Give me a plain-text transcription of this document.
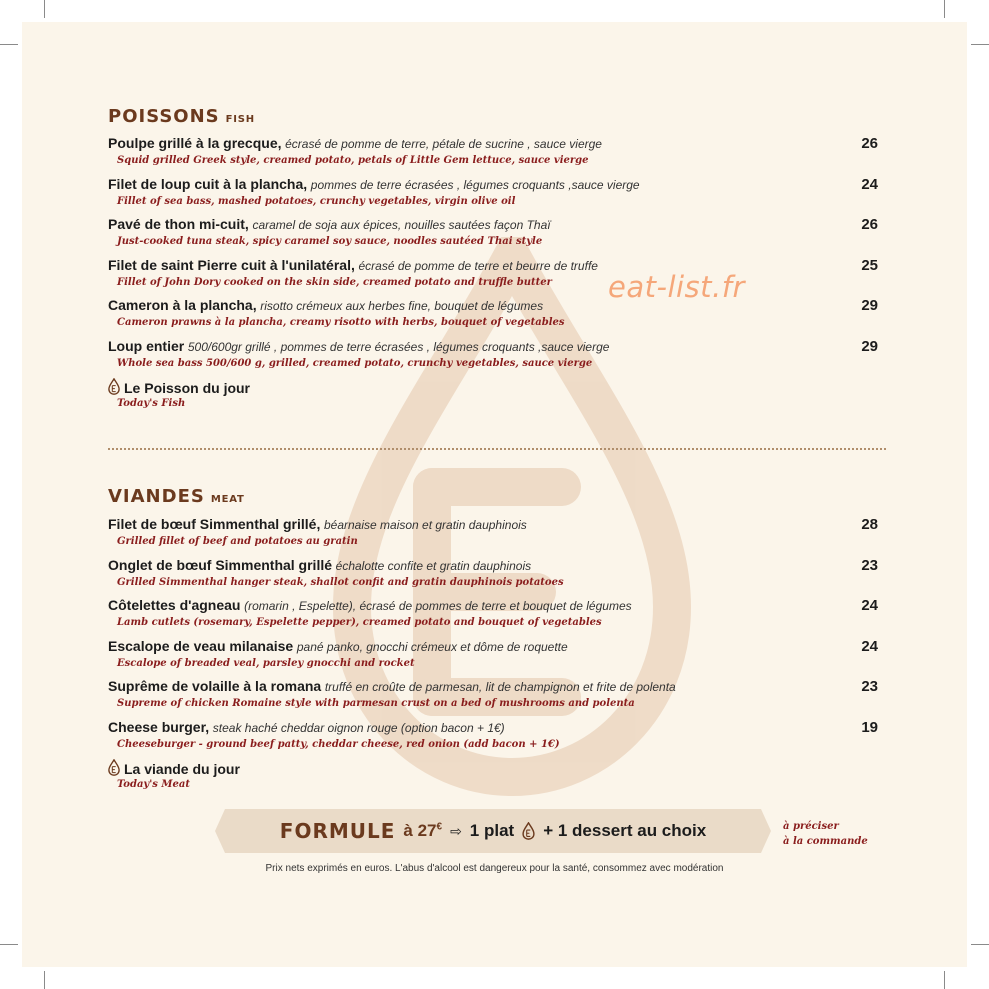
eat-list.fr
POISSONS FISH
Poulpe grillé à la grecque, écrasé de pomme de terre, pétale de sucrine , sauce vierge
Squid grilled Greek style, creamed potato, petals of Little Gem lettuce, sauce vierge
26
Filet de loup cuit à la plancha, pommes de terre écrasées , légumes croquants ,sauce vierge
Fillet of sea bass, mashed potatoes, crunchy vegetables, virgin olive oil
24
Pavé de thon mi-cuit, caramel de soja aux épices, nouilles sautées façon Thaï
Just-cooked tuna steak, spicy caramel soy sauce, noodles sautéed Thai style
26
Filet de saint Pierre cuit à l'unilatéral, écrasé de pomme de terre et beurre de truffe
Fillet of John Dory cooked on the skin side, creamed potato and truffle butter
25
Cameron à la plancha, risotto crémeux aux herbes fine, bouquet de légumes
Cameron prawns à la plancha, creamy risotto with herbs, bouquet of vegetables
29
Loup entier 500/600gr grillé , pommes de terre écrasées , légumes croquants ,sauce vierge
Whole sea bass 500/600 g, grilled, creamed potato, crunchy vegetables, sauce vierge
29
Le Poisson du jour
Today's Fish
VIANDES MEAT
Filet de bœuf Simmenthal grillé, béarnaise maison et gratin dauphinois
Grilled fillet of beef and potatoes au gratin
28
Onglet de bœuf Simmenthal grillé échalotte confite et gratin dauphinois
Grilled Simmenthal hanger steak, shallot confit and gratin dauphinois potatoes
23
Côtelettes d'agneau (romarin , Espelette), écrasé de pommes de terre et bouquet de légumes
Lamb cutlets (rosemary, Espelette pepper), creamed potato and bouquet of vegetables
24
Escalope de veau milanaise pané panko, gnocchi crémeux et dôme de roquette
Escalope of breaded veal, parsley gnocchi and rocket
24
Suprême de volaille à la romana truffé en croûte de parmesan, lit de champignon et frite de polenta
Supreme of chicken Romaine style with parmesan crust on a bed of mushrooms and polenta
23
Cheese burger, steak haché cheddar oignon rouge (option bacon + 1€)
Cheeseburger - ground beef patty, cheddar cheese, red onion (add bacon + 1€)
19
La viande du jour
Today's Meat
FORMULE à 27€ ⇨ 1 plat + 1 dessert au choix	à préciser
à la commande
Prix nets exprimés en euros. L'abus d'alcool est dangereux pour la santé, consommez avec modération
